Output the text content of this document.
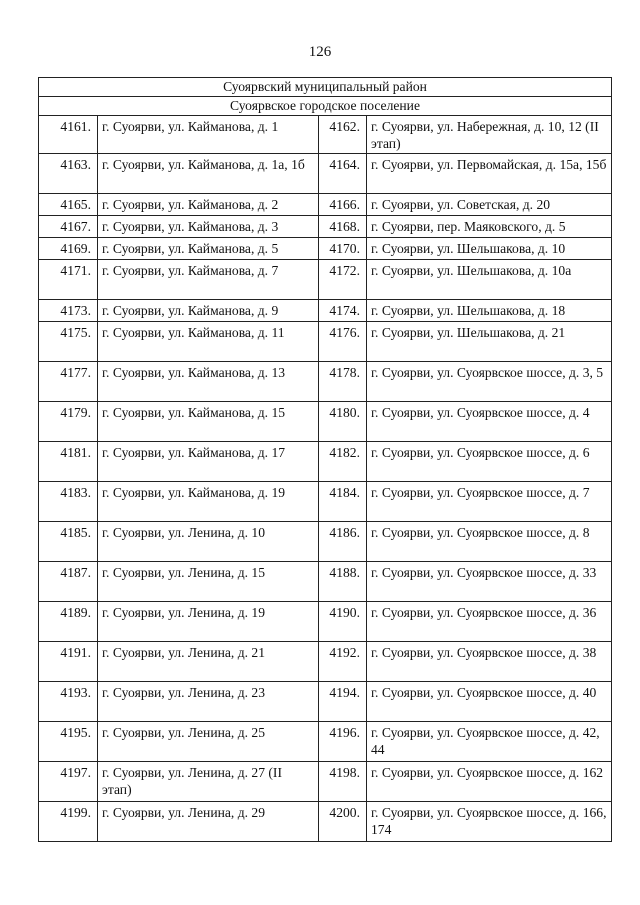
126
Суоярвский муниципальный район			
Суоярвское городское поселение			
4161.	г. Суоярви, ул. Кайманова, д. 1	4162.	г. Суоярви, ул. Набережная, д. 10, 12 (II этап)
4163.	г. Суоярви, ул. Кайманова, д. 1а, 1б	4164.	г. Суоярви, ул. Первомайская, д. 15а, 15б
4165.	г. Суоярви, ул. Кайманова, д. 2	4166.	г. Суоярви, ул. Советская, д. 20
4167.	г. Суоярви, ул. Кайманова, д. 3	4168.	г. Суоярви, пер. Маяковского, д. 5
4169.	г. Суоярви, ул. Кайманова, д. 5	4170.	г. Суоярви, ул. Шельшакова, д. 10
4171.	г. Суоярви, ул. Кайманова, д. 7	4172.	г. Суоярви, ул. Шельшакова, д. 10а
4173.	г. Суоярви, ул. Кайманова, д. 9	4174.	г. Суоярви, ул. Шельшакова, д. 18
4175.	г. Суоярви, ул. Кайманова, д. 11	4176.	г. Суоярви, ул. Шельшакова, д. 21
4177.	г. Суоярви, ул. Кайманова, д. 13	4178.	г. Суоярви, ул. Суоярвское шоссе, д. 3, 5
4179.	г. Суоярви, ул. Кайманова, д. 15	4180.	г. Суоярви, ул. Суоярвское шоссе, д. 4
4181.	г. Суоярви, ул. Кайманова, д. 17	4182.	г. Суоярви, ул. Суоярвское шоссе, д. 6
4183.	г. Суоярви, ул. Кайманова, д. 19	4184.	г. Суоярви, ул. Суоярвское шоссе, д. 7
4185.	г. Суоярви, ул. Ленина, д. 10	4186.	г. Суоярви, ул. Суоярвское шоссе, д. 8
4187.	г. Суоярви, ул. Ленина, д. 15	4188.	г. Суоярви, ул. Суоярвское шоссе, д. 33
4189.	г. Суоярви, ул. Ленина, д. 19	4190.	г. Суоярви, ул. Суоярвское шоссе, д. 36
4191.	г. Суоярви, ул. Ленина, д. 21	4192.	г. Суоярви, ул. Суоярвское шоссе, д. 38
4193.	г. Суоярви, ул. Ленина, д. 23	4194.	г. Суоярви, ул. Суоярвское шоссе, д. 40
4195.	г. Суоярви, ул. Ленина, д. 25	4196.	г. Суоярви, ул. Суоярвское шоссе, д. 42, 44
4197.	г. Суоярви, ул. Ленина, д. 27 (II этап)	4198.	г. Суоярви, ул. Суоярвское шоссе, д. 162
4199.	г. Суоярви, ул. Ленина, д. 29	4200.	г. Суоярви, ул. Суоярвское шоссе, д. 166, 174
